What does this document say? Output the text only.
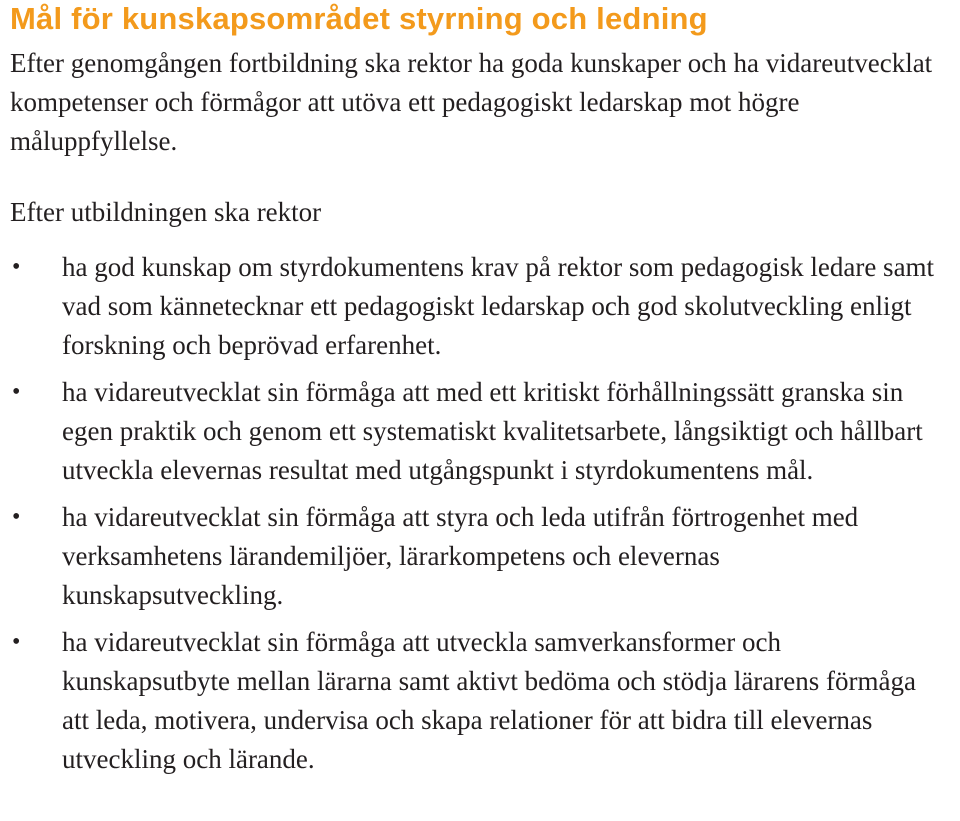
Mål för kunskapsområdet styrning och ledning

Efter genomgången fortbildning ska rektor ha goda kunskaper och ha vidareutvecklat kompetenser och förmågor att utöva ett pedagogiskt ledarskap mot högre måluppfyllelse.

Efter utbildningen ska rektor

•	ha god kunskap om styrdokumentens krav på rektor som pedagogisk ledare samt vad som kännetecknar ett pedagogiskt ledarskap och god skolutveckling enligt forskning och beprövad erfarenhet.
•	ha vidareutvecklat sin förmåga att med ett kritiskt förhållningssätt granska sin egen praktik och genom ett systematiskt kvalitetsarbete, långsiktigt och hållbart utveckla elevernas resultat med utgångspunkt i styrdokumentens mål.
•	ha vidareutvecklat sin förmåga att styra och leda utifrån förtrogenhet med verksamhetens lärandemiljöer, lärarkompetens och elevernas kunskapsutveckling.
•	ha vidareutvecklat sin förmåga att utveckla samverkansformer och kunskapsutbyte mellan lärarna samt aktivt bedöma och stödja lärarens förmåga att leda, motivera, undervisa och skapa relationer för att bidra till elevernas utveckling och lärande.
